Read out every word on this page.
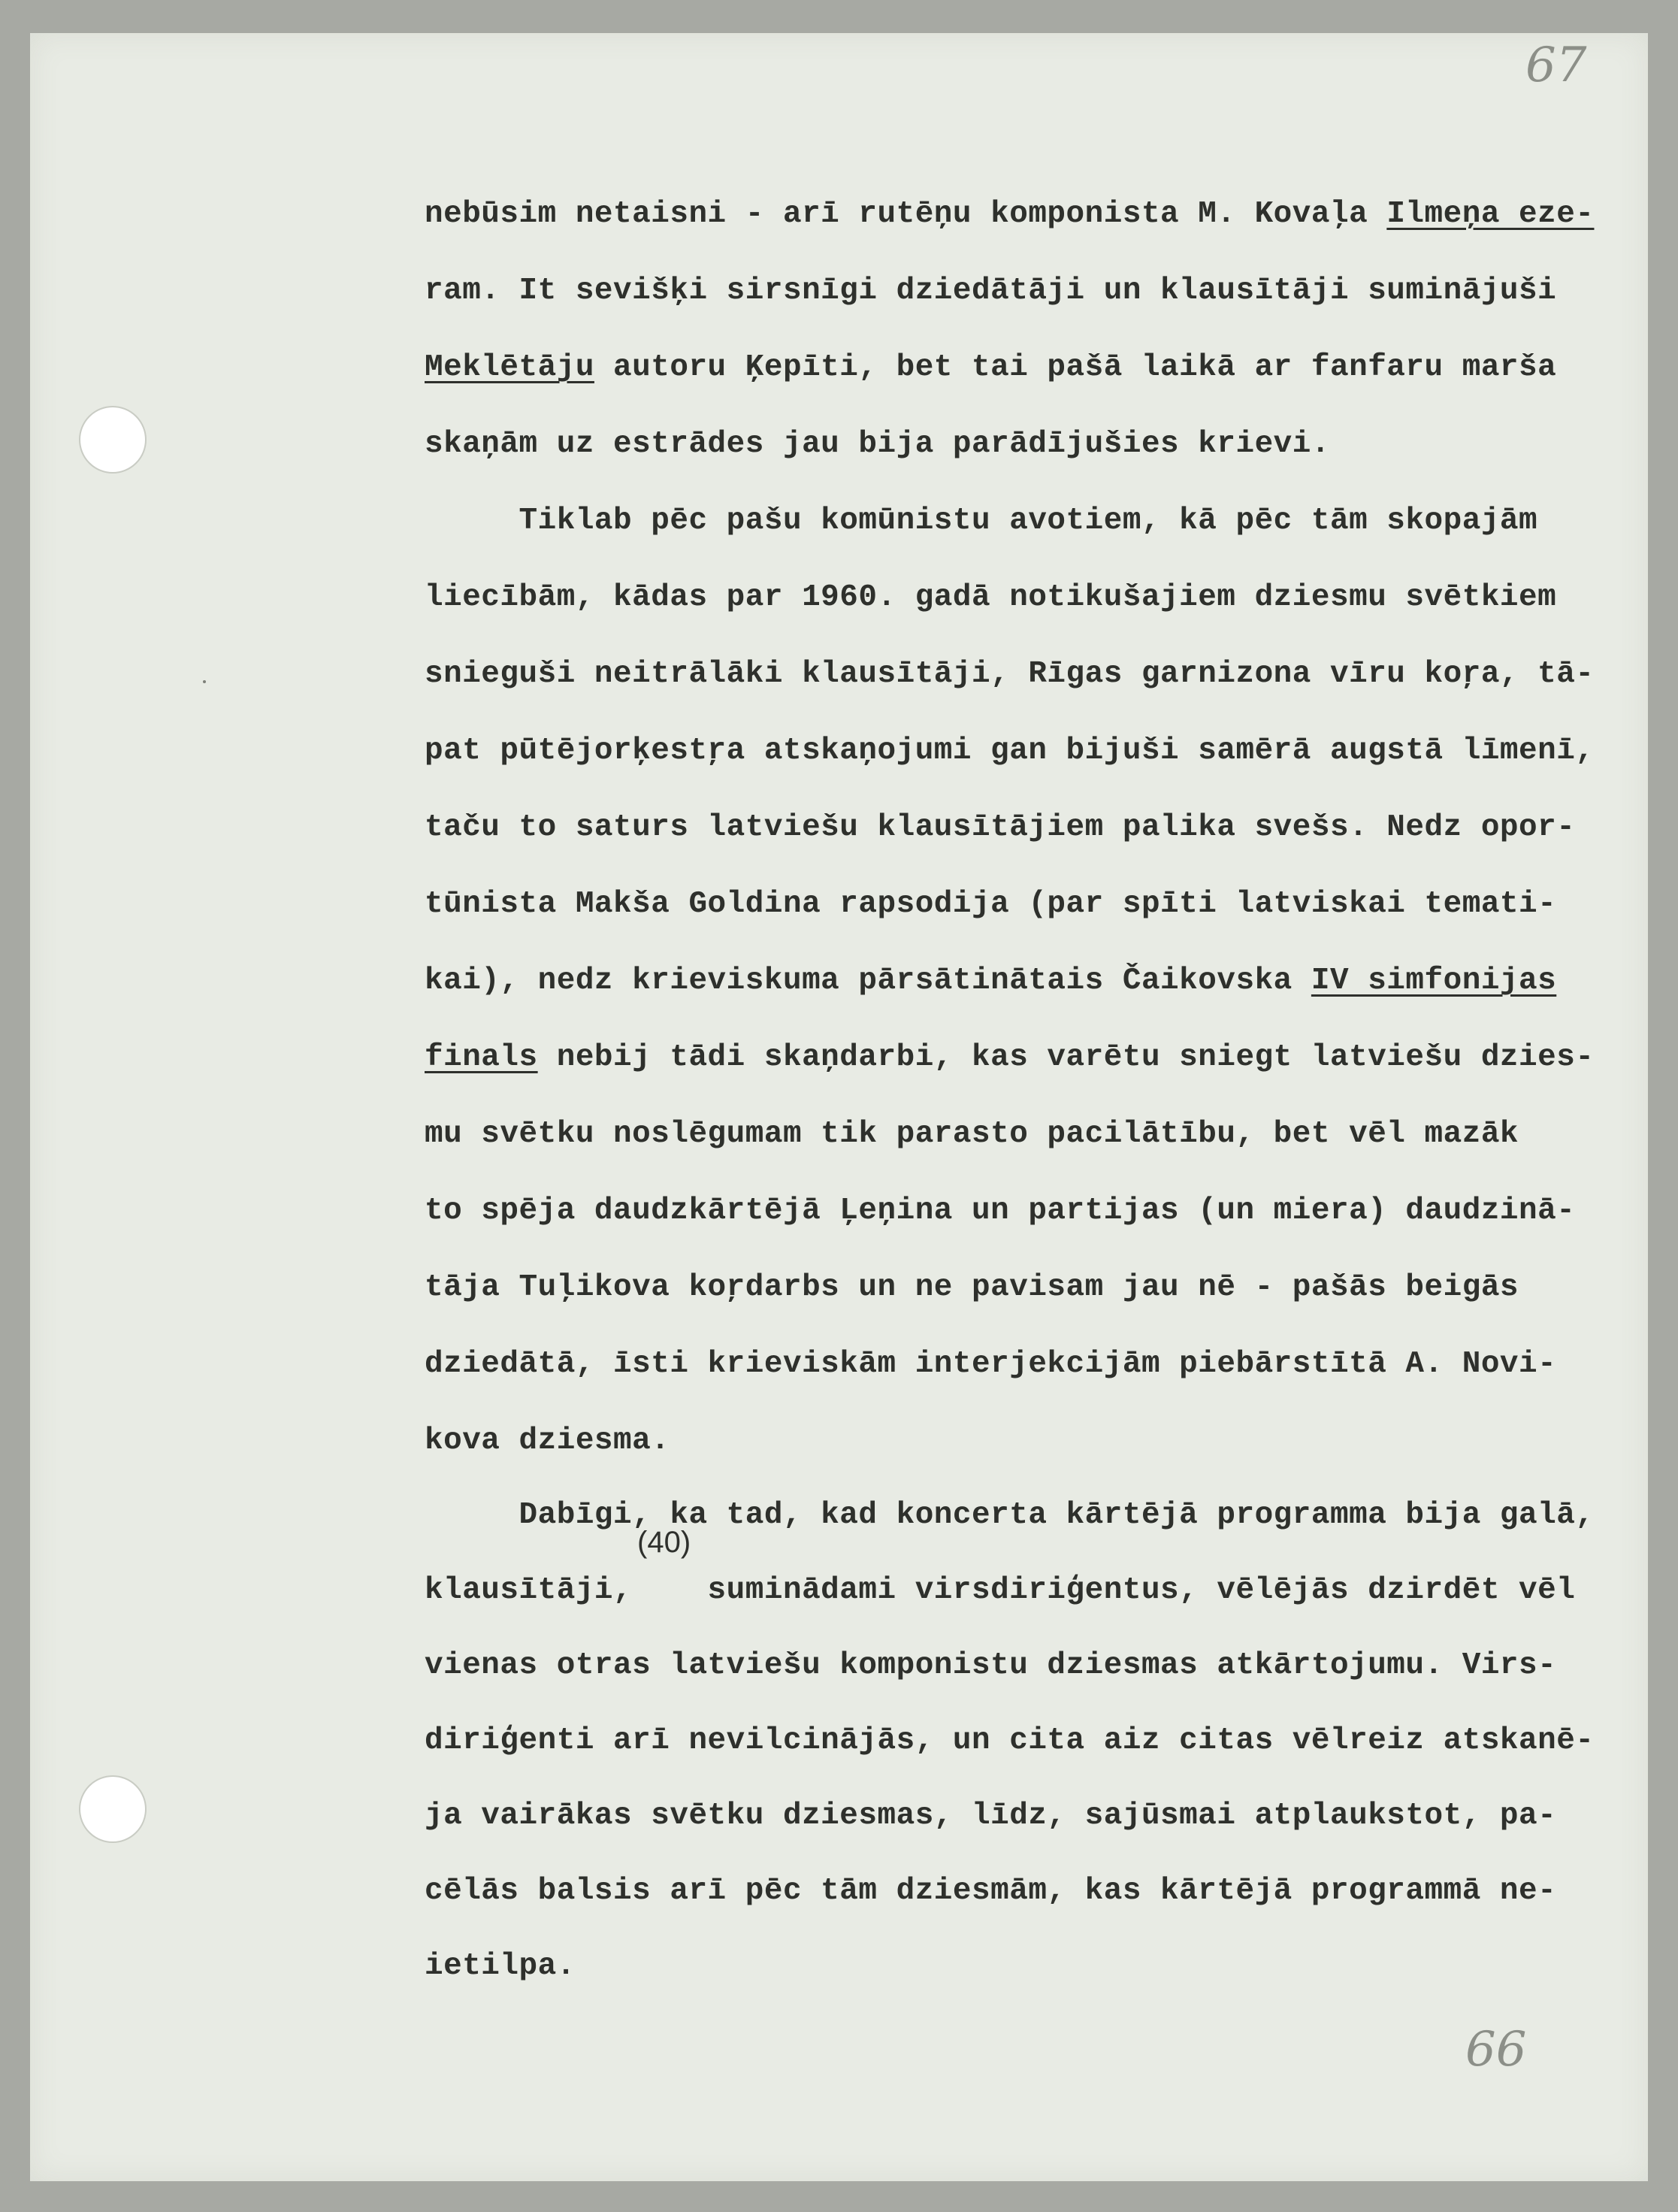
67
66
nebūsim netaisni - arī rutēņu komponista M. Kovaļa Ilmeņa eze-
ram. It sevišķi sirsnīgi dziedātāji un klausītāji suminājuši
Meklētāju autoru Ķepīti, bet tai pašā laikā ar fanfaru marša
skaņām uz estrādes jau bija parādījušies krievi.
Tiklab pēc pašu komūnistu avotiem, kā pēc tām skopajām
liecībām, kādas par 1960. gadā notikušajiem dziesmu svētkiem
snieguši neitrālāki klausītāji, Rīgas garnizona vīru koŗa, tā-
pat pūtējorķestŗa atskaņojumi gan bijuši samērā augstā līmenī,
taču to saturs latviešu klausītājiem palika svešs. Nedz opor-
tūnista Makša Goldina rapsodija (par spīti latviskai temati-
kai), nedz krieviskuma pārsātinātais Čaikovska IV simfonijas
finals nebij tādi skaņdarbi, kas varētu sniegt latviešu dzies-
mu svētku noslēgumam tik parasto pacilātību, bet vēl mazāk
to spēja daudzkārtējā Ļeņina un partijas (un miera) daudzinā-
tāja Tuļikova koŗdarbs un ne pavisam jau nē - pašās beigās
dziedātā, īsti krieviskām interjekcijām piebārstītā A. Novi-
kova dziesma.
Dabīgi, ka tad, kad koncerta kārtējā programma bija galā,
(40)
klausītāji,    suminādami virsdiriģentus, vēlējās dzirdēt vēl
vienas otras latviešu komponistu dziesmas atkārtojumu. Virs-
diriģenti arī nevilcinājās, un cita aiz citas vēlreiz atskanē-
ja vairākas svētku dziesmas, līdz, sajūsmai atplaukstot, pa-
cēlās balsis arī pēc tām dziesmām, kas kārtējā programmā ne-
ietilpa.
